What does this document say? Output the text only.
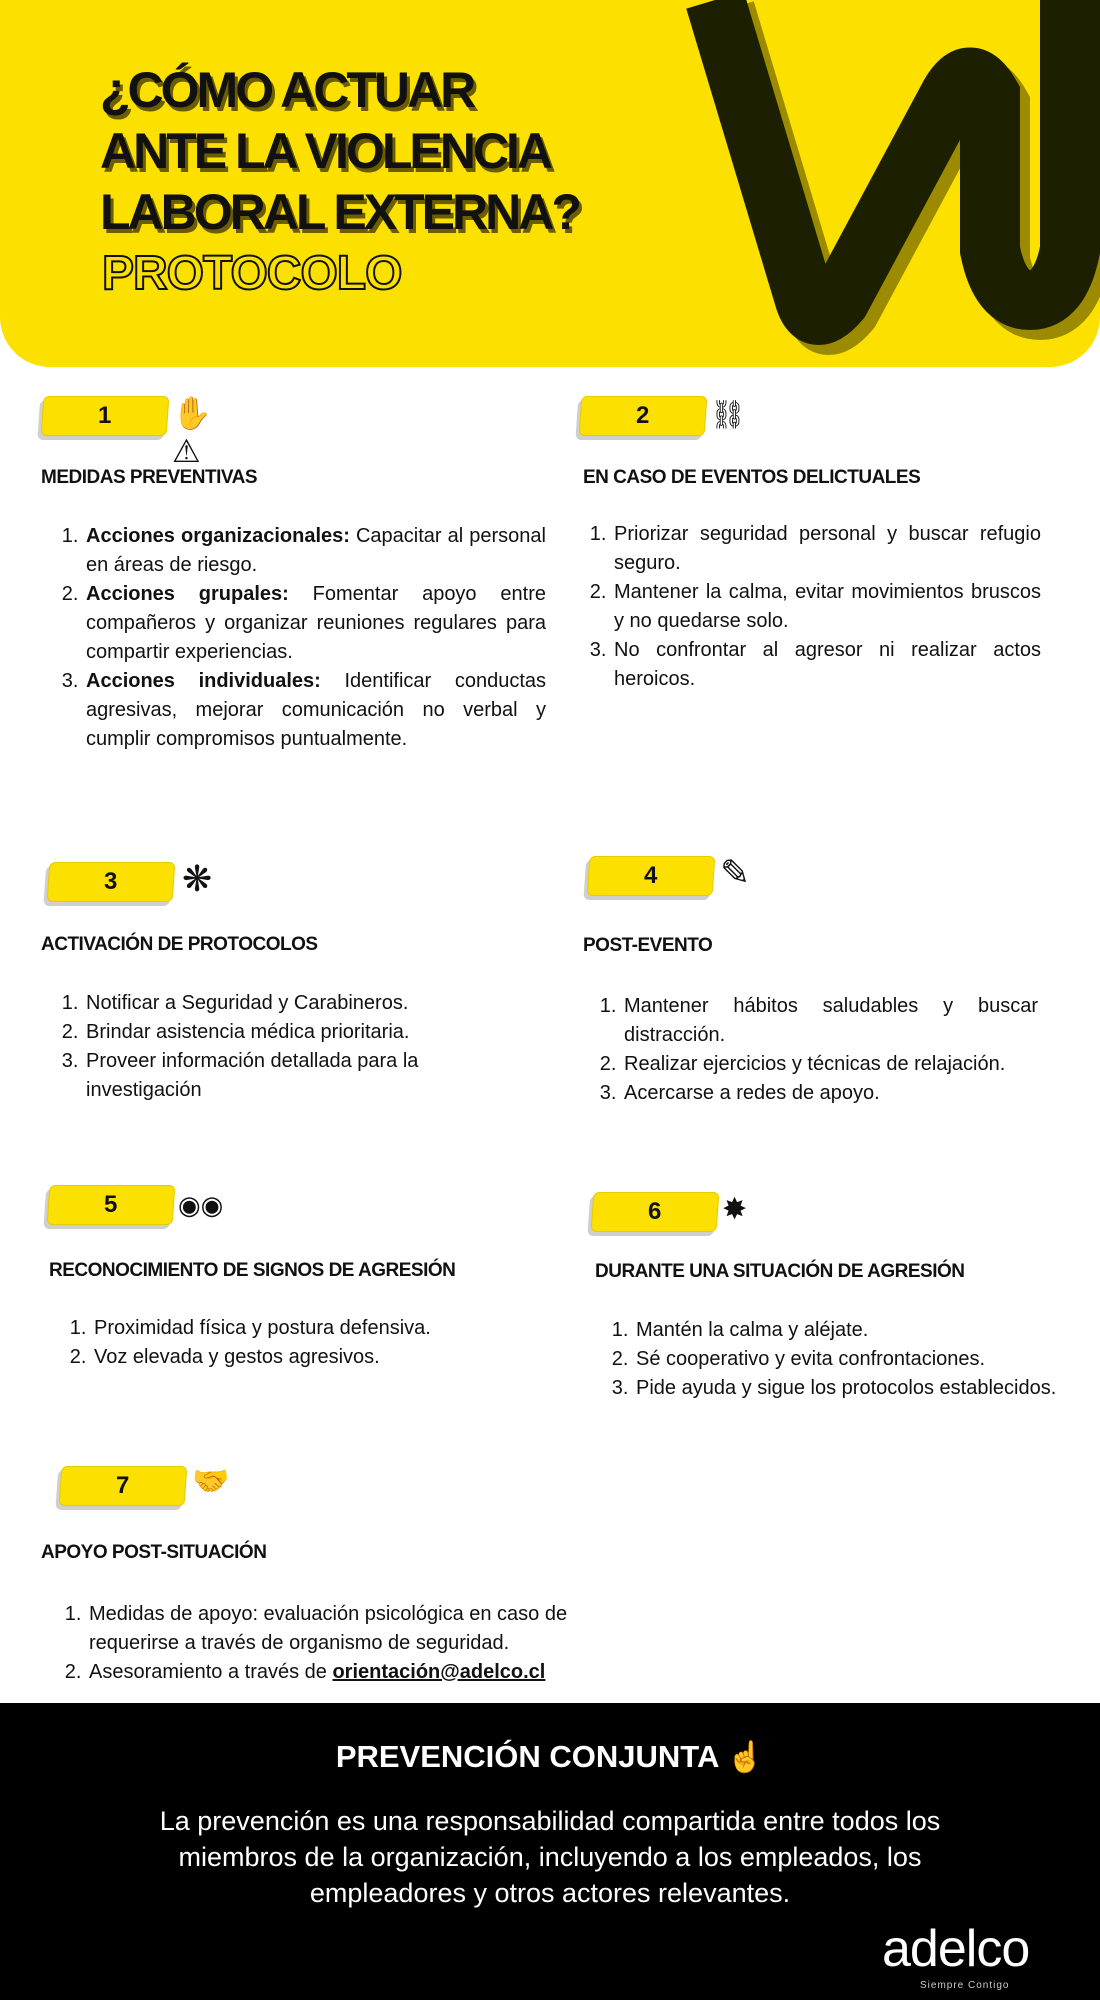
¿CÓMO ACTUAR
ANTE LA VIOLENCIA
LABORAL EXTERNA?
PROTOCOLO
1 ✋⚠
MEDIDAS PREVENTIVAS
1. Acciones organizacionales: Capacitar al personal en áreas de riesgo.
2. Acciones grupales: Fomentar apoyo entre compañeros y organizar reuniones regulares para compartir experiencias.
3. Acciones individuales: Identificar conductas agresivas, mejorar comunicación no verbal y cumplir compromisos puntualmente.
2 ⛓
EN CASO DE EVENTOS DELICTUALES
1. Priorizar seguridad personal y buscar refugio seguro.
2. Mantener la calma, evitar movimientos bruscos y no quedarse solo.
3. No confrontar al agresor ni realizar actos heroicos.
3 ❋
ACTIVACIÓN DE PROTOCOLOS
1. Notificar a Seguridad y Carabineros.
2. Brindar asistencia médica prioritaria.
3. Proveer información detallada para la investigación
4 ✎
POST-EVENTO
1. Mantener hábitos saludables y buscar distracción.
2. Realizar ejercicios y técnicas de relajación.
3. Acercarse a redes de apoyo.
5 ◉◉
RECONOCIMIENTO DE SIGNOS DE AGRESIÓN
1. Proximidad física y postura defensiva.
2. Voz elevada y gestos agresivos.
6 ✸
DURANTE UNA SITUACIÓN DE AGRESIÓN
1. Mantén la calma y aléjate.
2. Sé cooperativo y evita confrontaciones.
3. Pide ayuda y sigue los protocolos establecidos.
7 🤝
APOYO POST-SITUACIÓN
1. Medidas de apoyo: evaluación psicológica en caso de requerirse a través de organismo de seguridad.
2. Asesoramiento a través de orientación@adelco.cl
PREVENCIÓN CONJUNTA ☝

La prevención es una responsabilidad compartida entre todos los miembros de la organización, incluyendo a los empleados, los empleadores y otros actores relevantes.

adelco
Siempre Contigo
